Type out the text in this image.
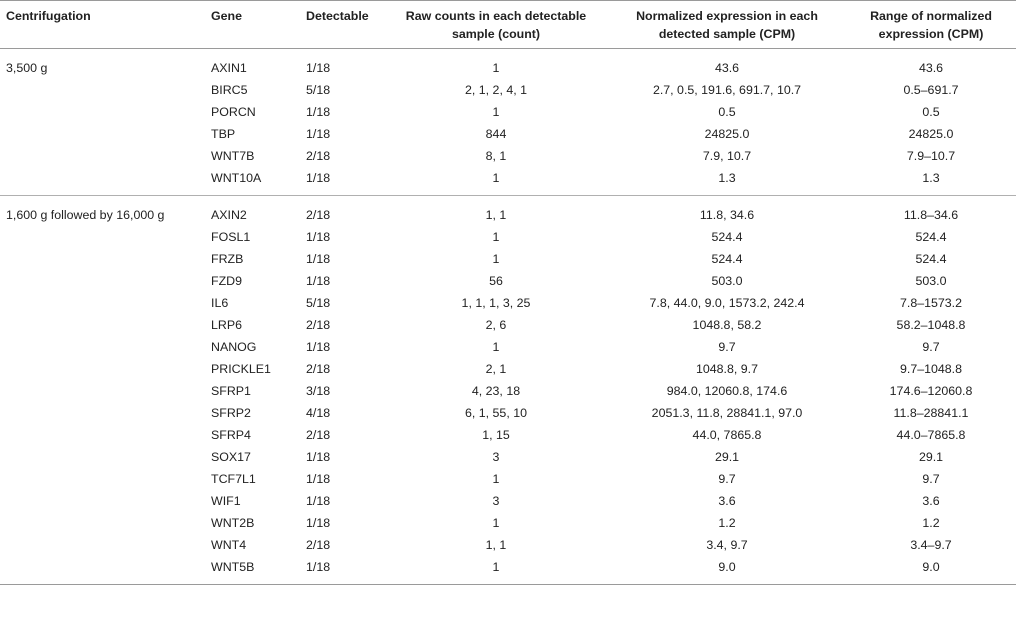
Centrifugation	Gene	Detectable	Raw counts in each detectable sample (count)	Normalized expression in each detected sample (CPM)	Range of normalized expression (CPM)
3,500 g	AXIN1	1/18	1	43.6	43.6
	BIRC5	5/18	2, 1, 2, 4, 1	2.7, 0.5, 191.6, 691.7, 10.7	0.5–691.7
	PORCN	1/18	1	0.5	0.5
	TBP	1/18	844	24825.0	24825.0
	WNT7B	2/18	8, 1	7.9, 10.7	7.9–10.7
	WNT10A	1/18	1	1.3	1.3
1,600 g followed by 16,000 g	AXIN2	2/18	1, 1	11.8, 34.6	11.8–34.6
	FOSL1	1/18	1	524.4	524.4
	FRZB	1/18	1	524.4	524.4
	FZD9	1/18	56	503.0	503.0
	IL6	5/18	1, 1, 1, 3, 25	7.8, 44.0, 9.0, 1573.2, 242.4	7.8–1573.2
	LRP6	2/18	2, 6	1048.8, 58.2	58.2–1048.8
	NANOG	1/18	1	9.7	9.7
	PRICKLE1	2/18	2, 1	1048.8, 9.7	9.7–1048.8
	SFRP1	3/18	4, 23, 18	984.0, 12060.8, 174.6	174.6–12060.8
	SFRP2	4/18	6, 1, 55, 10	2051.3, 11.8, 28841.1, 97.0	11.8–28841.1
	SFRP4	2/18	1, 15	44.0, 7865.8	44.0–7865.8
	SOX17	1/18	3	29.1	29.1
	TCF7L1	1/18	1	9.7	9.7
	WIF1	1/18	3	3.6	3.6
	WNT2B	1/18	1	1.2	1.2
	WNT4	2/18	1, 1	3.4, 9.7	3.4–9.7
	WNT5B	1/18	1	9.0	9.0
